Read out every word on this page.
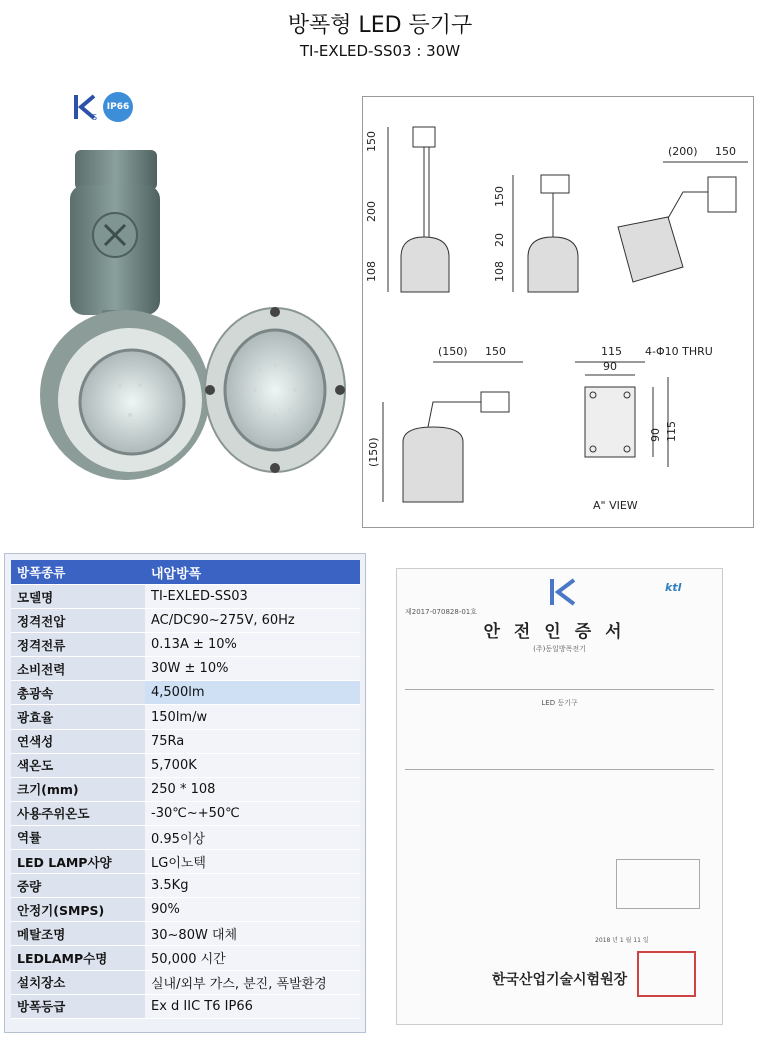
방폭형 LED 등기구
TI-EXLED-SS03 : 30W
S
IP66
150
200
108
150
20
108
(200) 150
(150) 150
(150)
115
90
4-Φ10 THRU
90 115
A" VIEW
방폭종류	내압방폭
모델명	TI-EXLED-SS03
정격전압	AC/DC90~275V, 60Hz
정격전류	0.13A ± 10%
소비전력	30W ± 10%
총광속	4,500lm
광효율	150lm/w
연색성	75Ra
색온도	5,700K
크기(mm)	250 * 108
사용주위온도	-30℃~+50℃
역률	0.95이상
LED LAMP사양	LG이노텍
중량	3.5Kg
안정기(SMPS)	90%
메탈조명	30~80W 대체
LEDLAMP수명	50,000 시간
설치장소	실내/외부 가스, 분진, 폭발환경
방폭등급	Ex d IIC T6 IP66
ktl
제2017-070828-01호
안전인증서
(주)동일방폭전기
LED 등기구
2018 년 1 월 11 일
한국산업기술시험원장
